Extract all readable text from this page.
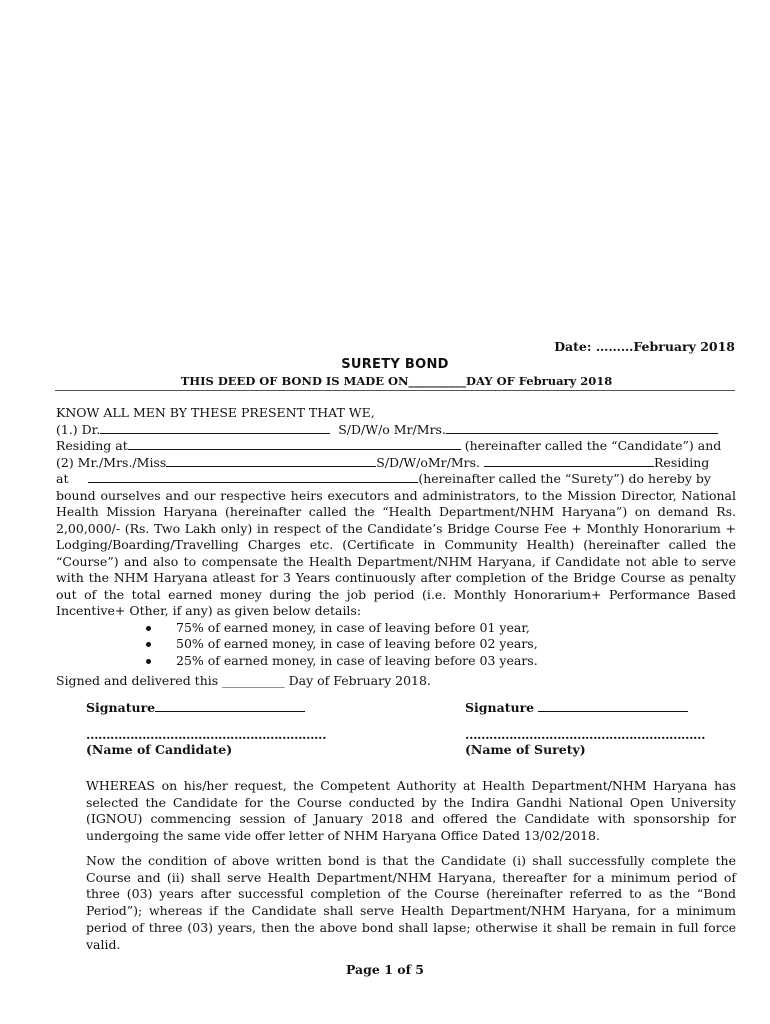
Date: ………February 2018
SURETY BOND
THIS DEED OF BOND IS MADE ON__________DAY OF February 2018
KNOW ALL MEN BY THESE PRESENT THAT WE,
(1.) Dr.	S/D/W/o Mr/Mrs.
Residing at	(hereinafter called the “Candidate”) and
(2) Mr./Mrs./Miss	S/D/W/oMr/Mrs.	Residing
at	(hereinafter called the “Surety”) do hereby by
bound ourselves and our respective heirs executors and administrators, to the Mission Director, National
Health Mission Haryana (hereinafter called the “Health Department/NHM Haryana”) on demand Rs.
2,00,000/- (Rs. Two Lakh only) in respect of the Candidate’s Bridge Course Fee + Monthly Honorarium +
Lodging/Boarding/Travelling Charges etc. (Certificate in Community Health) (hereinafter called the
“Course”) and also to compensate the Health Department/NHM Haryana, if Candidate not able to serve
with the NHM Haryana atleast for 3 Years continuously after completion of the Bridge Course as penalty
out of the total earned money during the job period (i.e. Monthly Honorarium+ Performance Based
Incentive+ Other, if any) as given below details:
75% of earned money, in case of leaving before 01 year,
50% of earned money, in case of leaving before 02 years,
25% of earned money, in case of leaving before 03 years.
Signed and delivered this __________ Day of February 2018.
Signature	Signature
……………………………………………………	……………………………………………………
(Name of Candidate)	(Name of Surety)
WHEREAS on his/her request, the Competent Authority at Health Department/NHM Haryana has selected the Candidate for the Course conducted by the Indira Gandhi National Open University (IGNOU) commencing session of January 2018 and offered the Candidate with sponsorship for undergoing the same vide offer letter of NHM Haryana Office Dated 13/02/2018.
Now the condition of above written bond is that the Candidate (i) shall successfully complete the Course and (ii) shall serve Health Department/NHM Haryana, thereafter for a minimum period of three (03) years after successful completion of the Course (hereinafter referred to as the “Bond Period”); whereas if the Candidate shall serve Health Department/NHM Haryana, for a minimum period of three (03) years, then the above bond shall lapse; otherwise it shall be remain in full force valid.
Page 1 of 5
